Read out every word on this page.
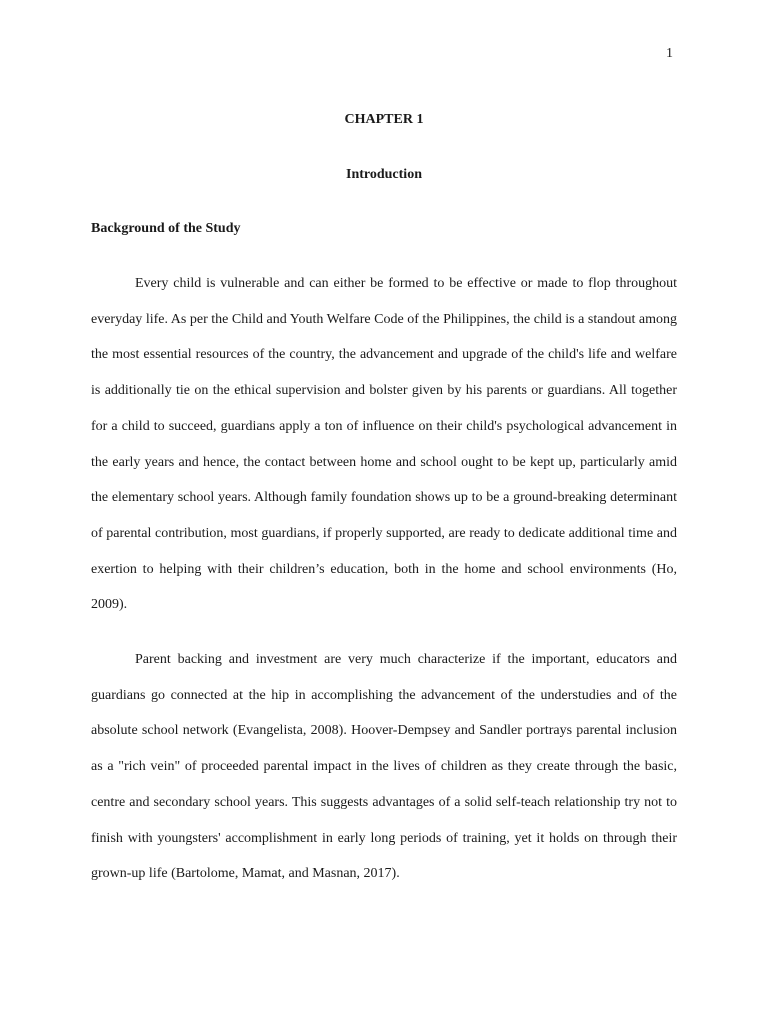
1
CHAPTER 1
Introduction
Background of the Study

Every child is vulnerable and can either be formed to be effective or made to flop throughout everyday life. As per the Child and Youth Welfare Code of the Philippines, the child is a standout among the most essential resources of the country, the advancement and upgrade of the child's life and welfare is additionally tie on the ethical supervision and bolster given by his parents or guardians. All together for a child to succeed, guardians apply a ton of influence on their child's psychological advancement in the early years and hence, the contact between home and school ought to be kept up, particularly amid the elementary school years. Although family foundation shows up to be a ground-breaking determinant of parental contribution, most guardians, if properly supported, are ready to dedicate additional time and exertion to helping with their children’s education, both in the home and school environments (Ho, 2009).

Parent backing and investment are very much characterize if the important, educators and guardians go connected at the hip in accomplishing the advancement of the understudies and of the absolute school network (Evangelista, 2008). Hoover-Dempsey and Sandler portrays parental inclusion as a "rich vein" of proceeded parental impact in the lives of children as they create through the basic, centre and secondary school years. This suggests advantages of a solid self-teach relationship try not to finish with youngsters' accomplishment in early long periods of training, yet it holds on through their grown-up life (Bartolome, Mamat, and Masnan, 2017).
